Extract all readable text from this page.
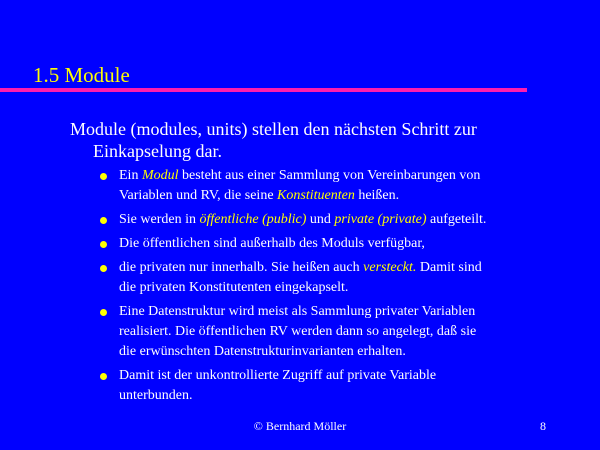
1.5 Module
Module (modules, units) stellen den nächsten Schritt zur
Einkapselung dar.
Ein Modul besteht aus einer Sammlung von Vereinbarungen von
Variablen und RV, die seine Konstituenten heißen.
Sie werden in öffentliche (public) und private (private) aufgeteilt.
Die öffentlichen sind außerhalb des Moduls verfügbar,
die privaten nur innerhalb. Sie heißen auch versteckt. Damit sind
die privaten Konstitutenten eingekapselt.
Eine Datenstruktur wird meist als Sammlung privater Variablen
realisiert. Die öffentlichen RV werden dann so angelegt, daß sie
die erwünschten Datenstrukturinvarianten erhalten.
Damit ist der unkontrollierte Zugriff auf private Variable
unterbunden.
© Bernhard Möller	8
